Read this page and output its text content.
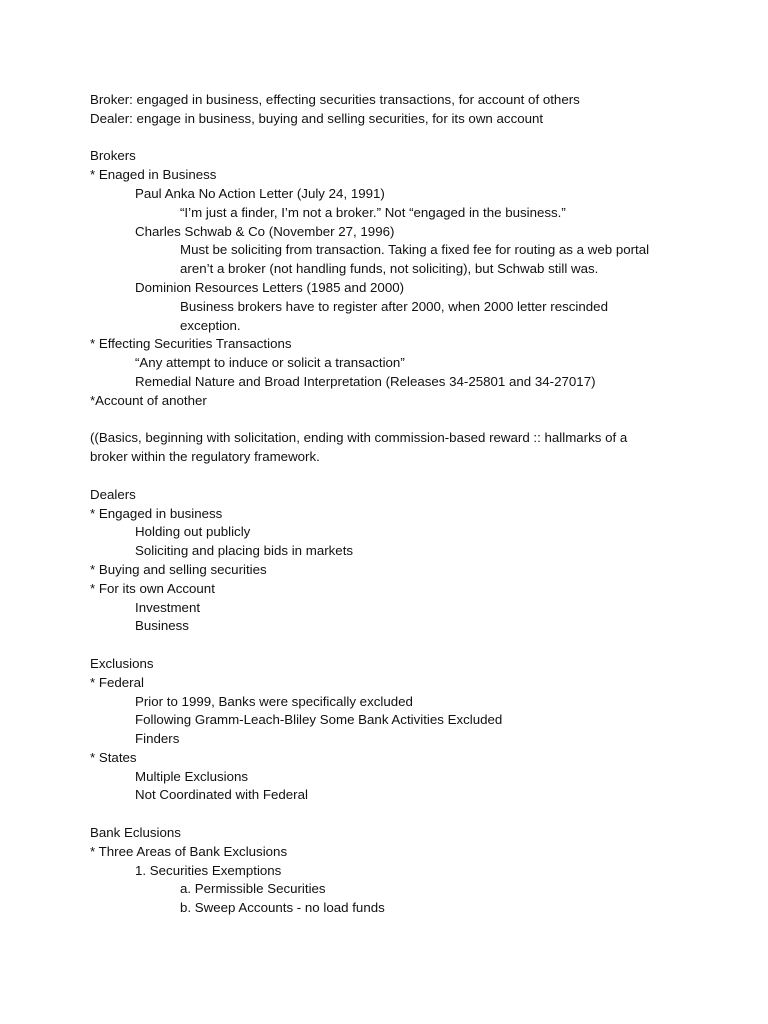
Broker: engaged in business, effecting securities transactions, for account of others
Dealer: engage in business, buying and selling securities, for its own account
Brokers
* Enaged in Business
Paul Anka No Action Letter (July 24, 1991)
“I’m just a finder, I’m not a broker.” Not “engaged in the business.”
Charles Schwab & Co (November 27, 1996)
Must be soliciting from transaction. Taking a fixed fee for routing as a web portal
aren’t a broker (not handling funds, not soliciting), but Schwab still was.
Dominion Resources Letters (1985 and 2000)
Business brokers have to register after 2000, when 2000 letter rescinded
exception.
* Effecting Securities Transactions
“Any attempt to induce or solicit a transaction”
Remedial Nature and Broad Interpretation (Releases 34-25801 and 34-27017)
*Account of another
((Basics, beginning with solicitation, ending with commission-based reward :: hallmarks of a
broker within the regulatory framework.
Dealers
* Engaged in business
Holding out publicly
Soliciting and placing bids in markets
* Buying and selling securities
* For its own Account
Investment
Business
Exclusions
* Federal
Prior to 1999, Banks were specifically excluded
Following Gramm-Leach-Bliley Some Bank Activities Excluded
Finders
* States
Multiple Exclusions
Not Coordinated with Federal
Bank Eclusions
* Three Areas of Bank Exclusions
1. Securities Exemptions
a. Permissible Securities
b. Sweep Accounts - no load funds
